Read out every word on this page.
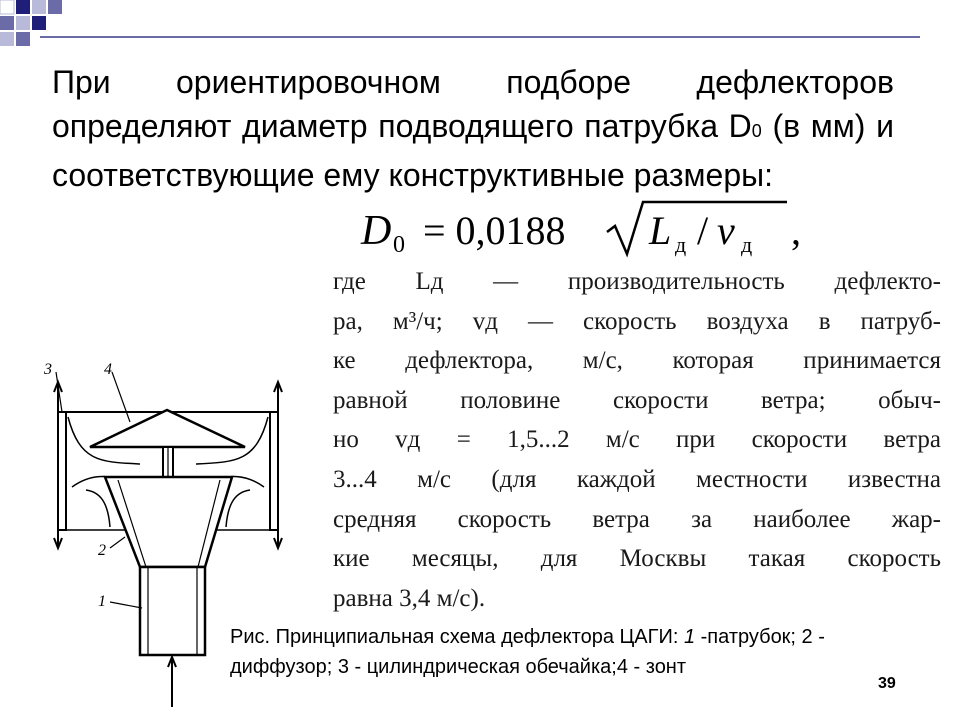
При ориентировочном подборе дефлекторов определяют диаметр подводящего патрубка D0 (в мм) и соответствующие ему конструктивные размеры:
D 0 = 0,0188 L д / v д ,
где Lд — производительность дефлекто-
ра, м³/ч; vд — скорость воздуха в патруб-
ке дефлектора, м/с, которая принимается
равной половине скорости ветра; обыч-
но vд = 1,5...2 м/с при скорости ветра
3...4 м/с (для каждой местности известна
средняя скорость ветра за наиболее жар-
кие месяцы, для Москвы такая скорость
равна 3,4 м/с).
3	4
2
1
Рис. Принципиальная схема дефлектора ЦАГИ: 1 -патрубок; 2 - диффузор; 3 - цилиндрическая обечайка;4 - зонт
39
